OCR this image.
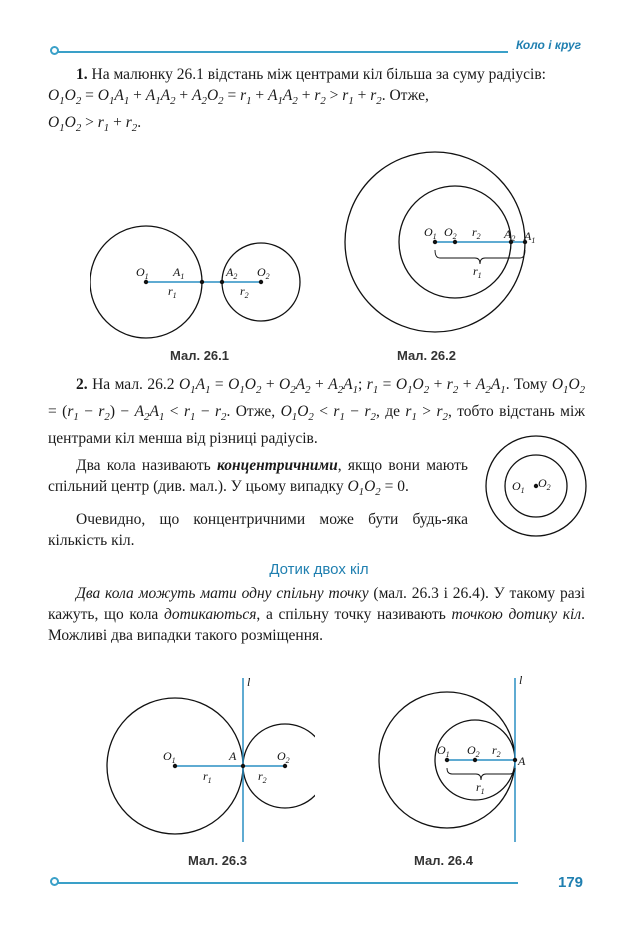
Коло і круг

1. На малюнку 26.1 відстань між центрами кіл більша за суму радіусів:

$O_1O_2 = O_1A_1 + A_1A_2 + A_2O_2 = r_1 + A_1A_2 + r_2 > r_1 + r_2$. Отже,
$O_1O_2 > r_1 + r_2$.

$O_1$ $A_1$	$A_2$ $O_2$
$r_1$	$r_2$
Мал. 26.1
$O_1$ $O_2$ $r_2$ $A_2$ $A_1$
$r_1$
Мал. 26.2

2. На мал. 26.2 $O_1A_1 = O_1O_2 + O_2A_2 + A_2A_1$; $r_1 = O_1O_2 + r_2 + A_2A_1$. Тому $O_1O_2 = (r_1 - r_2) - A_2A_1 < r_1 - r_2$. Отже, $O_1O_2 < r_1 - r_2$, де $r_1 > r_2$, тобто відстань між центрами кіл менша від різниці радіусів.

Два кола називають концентричними, якщо вони мають спільний центр (див. мал.). У цьому випадку $O_1O_2 = 0$.

Очевидно, що концентричними може бути будь-яка кількість кіл.

$O_1$
$O_2$
Дотик двох кіл

Два кола можуть мати одну спільну точку (мал. 26.3 і 26.4). У такому разі кажуть, що кола дотикаються, а спільну точку називають точкою дотику кіл. Можливі два випадки такого розміщення.

l
$O_1$	A	$O_2$
$r_1$	$r_2$
Мал. 26.3
l
$O_1$ $O_2$ $r_2$ A
$r_1$
Мал. 26.4
179
